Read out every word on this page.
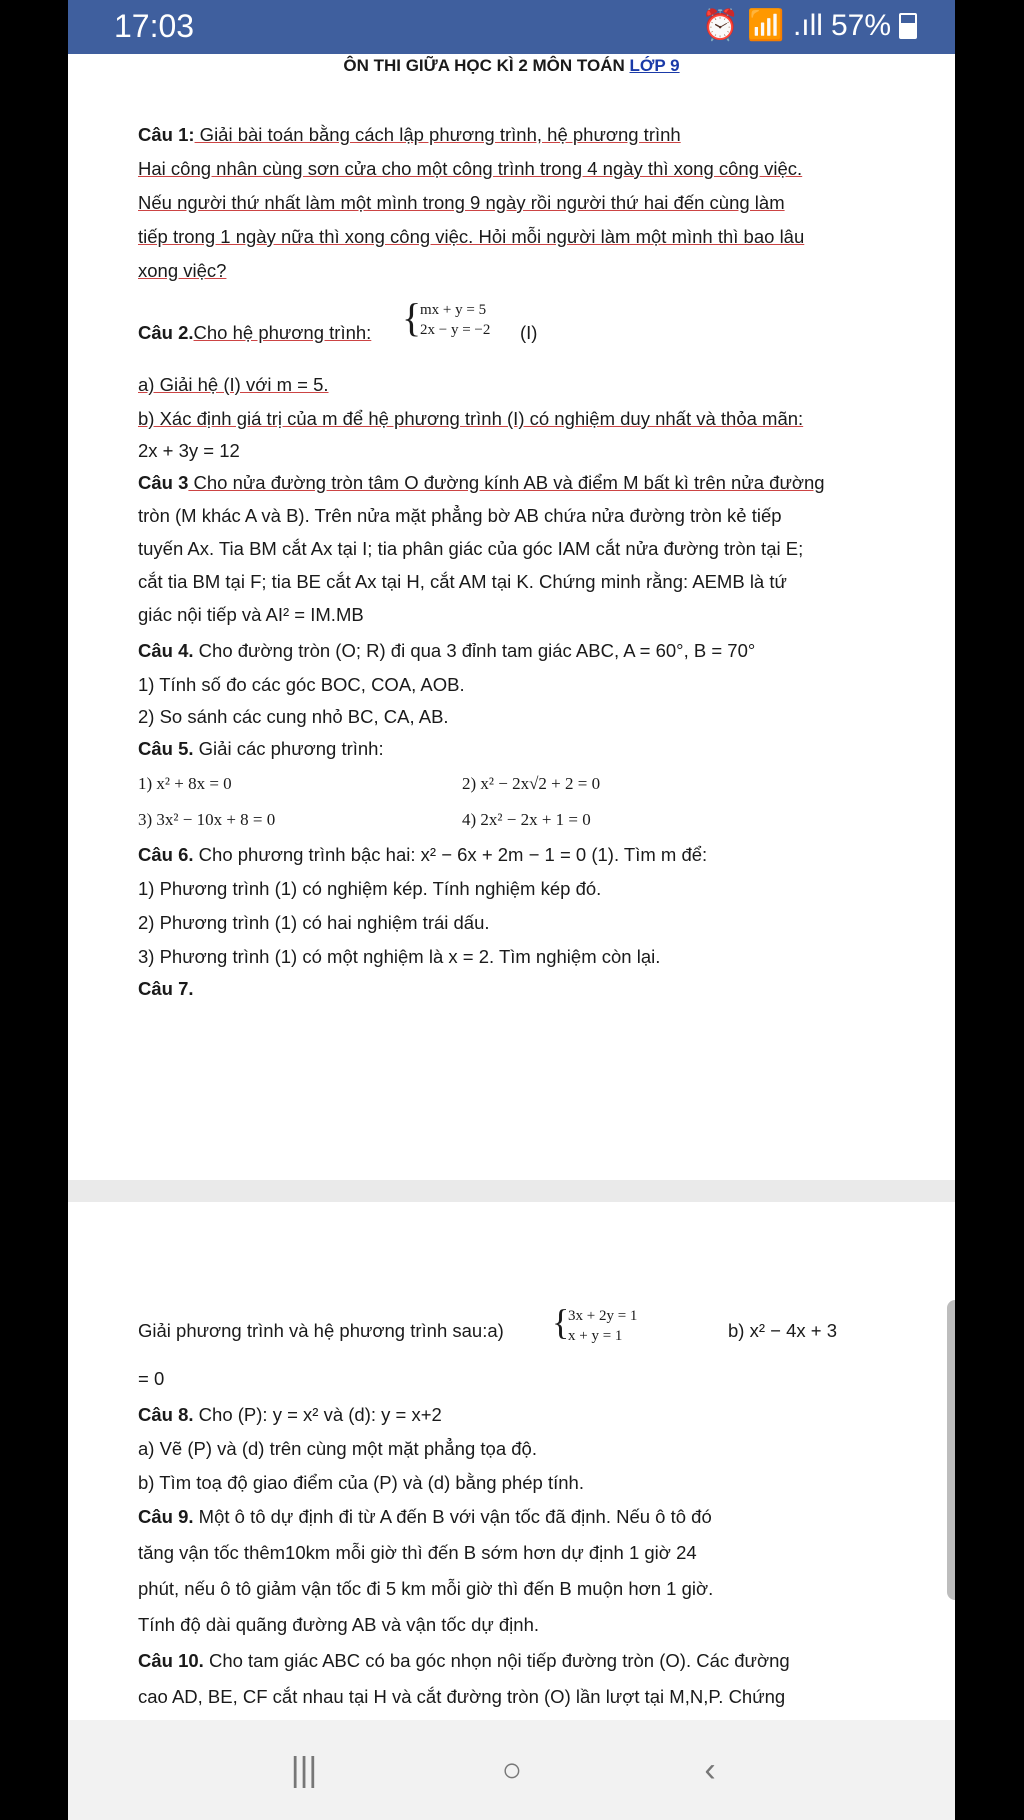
17:03	⏰ 📶 .ıll 57%
ÔN THI GIỮA HỌC KÌ 2 MÔN TOÁN LỚP 9
Câu 1: Giải bài toán bằng cách lập phương trình, hệ phương trình
Hai công nhân cùng sơn cửa cho một công trình trong 4 ngày thì xong công việc.
Nếu người thứ nhất làm một mình trong 9 ngày rồi người thứ hai đến cùng làm
tiếp trong 1 ngày nữa thì xong công việc. Hỏi mỗi người làm một mình thì bao lâu
xong việc?
Câu 2.Cho hệ phương trình: {
mx + y = 5
2x − y = −2 (I)
a) Giải hệ (I) với m = 5.
b) Xác định giá trị của m để hệ phương trình (I) có nghiệm duy nhất và thỏa mãn:
2x + 3y = 12
Câu 3 Cho nửa đường tròn tâm O đường kính AB và điểm M bất kì trên nửa đường
tròn (M khác A và B). Trên nửa mặt phẳng bờ AB chứa nửa đường tròn kẻ tiếp
tuyến Ax. Tia BM cắt Ax tại I; tia phân giác của góc IAM cắt nửa đường tròn tại E;
cắt tia BM tại F; tia BE cắt Ax tại H, cắt AM tại K. Chứng minh rằng: AEMB là tứ
giác nội tiếp và AI² = IM.MB
Câu 4. Cho đường tròn (O; R) đi qua 3 đỉnh tam giác ABC, A = 60°, B = 70°
1) Tính số đo các góc BOC, COA, AOB.
2) So sánh các cung nhỏ BC, CA, AB.
Câu 5. Giải các phương trình:
1) x² + 8x = 0	2) x² − 2x√2 + 2 = 0
3) 3x² − 10x + 8 = 0	4) 2x² − 2x + 1 = 0
Câu 6. Cho phương trình bậc hai: x² − 6x + 2m − 1 = 0 (1). Tìm m để:
1) Phương trình (1) có nghiệm kép. Tính nghiệm kép đó.
2) Phương trình (1) có hai nghiệm trái dấu.
3) Phương trình (1) có một nghiệm là x = 2. Tìm nghiệm còn lại.
Câu 7.
Giải phương trình và hệ phương trình sau:a) {
3x + 2y = 1
x + y = 1	b) x² − 4x + 3
= 0
Câu 8. Cho (P): y = x² và (d): y = x+2
a) Vẽ (P) và (d) trên cùng một mặt phẳng tọa độ.
b) Tìm toạ độ giao điểm của (P) và (d) bằng phép tính.
Câu 9. Một ô tô dự định đi từ A đến B với vận tốc đã định. Nếu ô tô đó
tăng vận tốc thêm10km mỗi giờ thì đến B sớm hơn dự định 1 giờ 24
phút, nếu ô tô giảm vận tốc đi 5 km mỗi giờ thì đến B muộn hơn 1 giờ.
Tính độ dài quãng đường AB và vận tốc dự định.
Câu 10. Cho tam giác ABC có ba góc nhọn nội tiếp đường tròn (O). Các đường
cao AD, BE, CF cắt nhau tại H và cắt đường tròn (O) lần lượt tại M,N,P. Chứng
|||	○	‹
